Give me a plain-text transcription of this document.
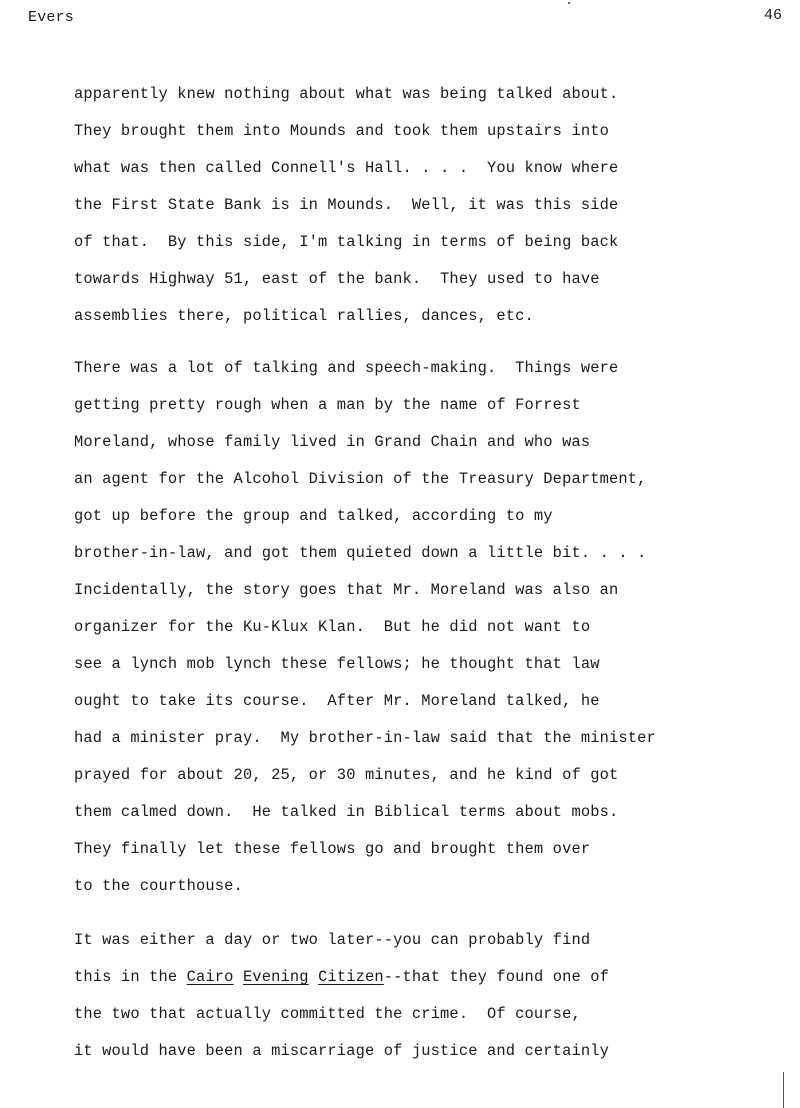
Evers	46
apparently knew nothing about what was being talked about.
They brought them into Mounds and took them upstairs into
what was then called Connell's Hall. . . .  You know where
the First State Bank is in Mounds.  Well, it was this side
of that.  By this side, I'm talking in terms of being back
towards Highway 51, east of the bank.  They used to have
assemblies there, political rallies, dances, etc.
There was a lot of talking and speech-making.  Things were
getting pretty rough when a man by the name of Forrest
Moreland, whose family lived in Grand Chain and who was
an agent for the Alcohol Division of the Treasury Department,
got up before the group and talked, according to my
brother-in-law, and got them quieted down a little bit. . . .
Incidentally, the story goes that Mr. Moreland was also an
organizer for the Ku-Klux Klan.  But he did not want to
see a lynch mob lynch these fellows; he thought that law
ought to take its course.  After Mr. Moreland talked, he
had a minister pray.  My brother-in-law said that the minister
prayed for about 20, 25, or 30 minutes, and he kind of got
them calmed down.  He talked in Biblical terms about mobs.
They finally let these fellows go and brought them over
to the courthouse.
It was either a day or two later--you can probably find
this in the Cairo Evening Citizen--that they found one of
the two that actually committed the crime.  Of course,
it would have been a miscarriage of justice and certainly
